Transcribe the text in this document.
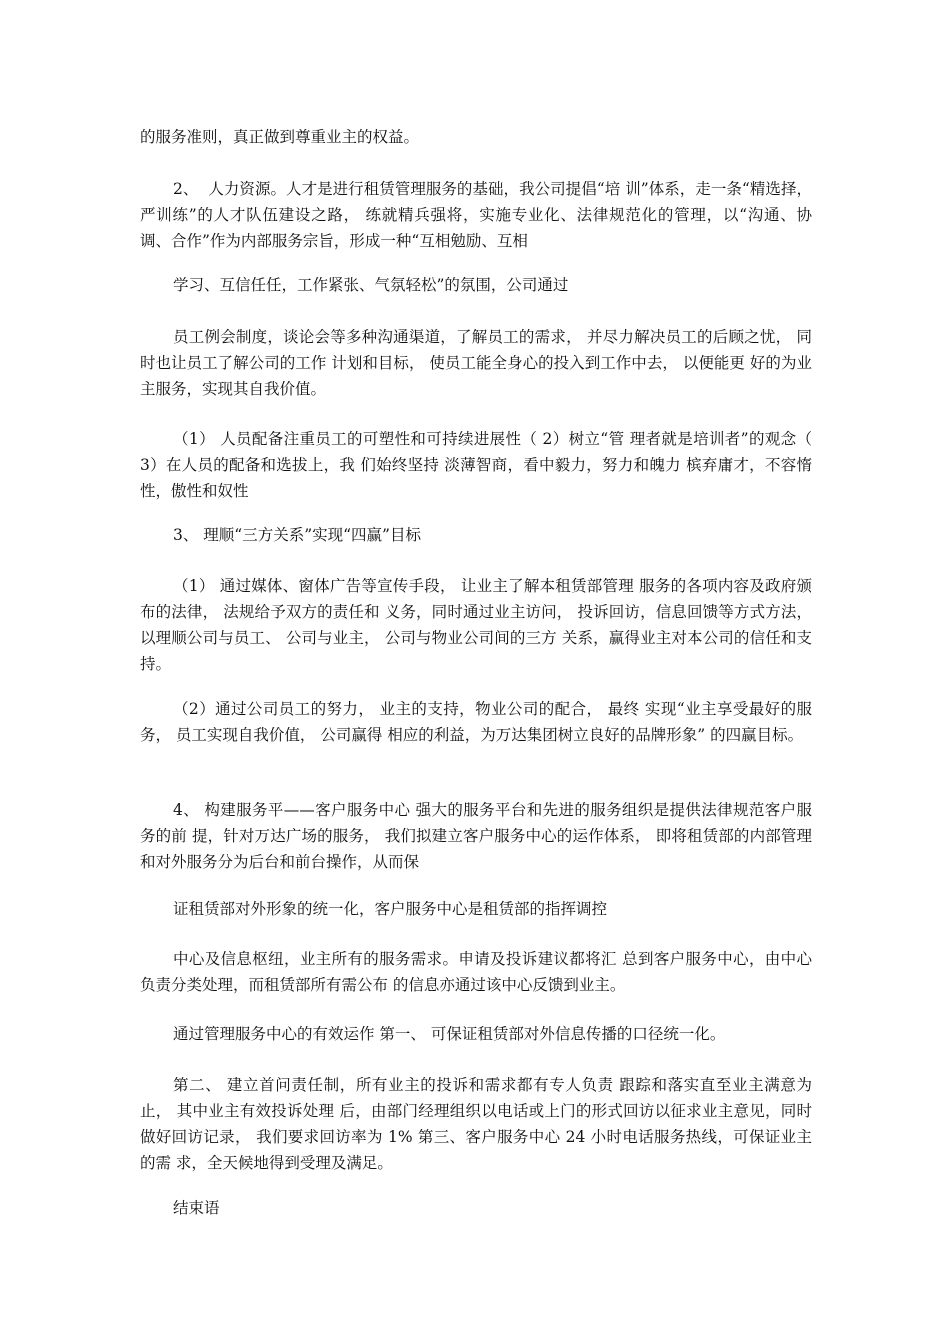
的服务准则，真正做到尊重业主的权益。

2、  人力资源。人才是进行租赁管理服务的基础，我公司提倡“培 训”体系，走一条“精选择，严训练”的人才队伍建设之路， 练就精兵强将，实施专业化、法律规范化的管理，以“沟通、协 调、合作”作为内部服务宗旨，形成一种“互相勉励、互相

学习、互信任任，工作紧张、气氛轻松”的氛围，公司通过

员工例会制度，谈论会等多种沟通渠道，了解员工的需求， 并尽力解决员工的后顾之忧， 同时也让员工了解公司的工作 计划和目标， 使员工能全身心的投入到工作中去， 以便能更 好的为业主服务，实现其自我价值。

（1） 人员配备注重员工的可塑性和可持续进展性（ 2）树立“管 理者就是培训者”的观念（ 3）在人员的配备和选拔上，我 们始终坚持 淡薄智商，看中毅力，努力和魄力 槟弃庸才，不容惰性，傲性和奴性

3、 理顺“三方关系”实现“四赢”目标

（1） 通过媒体、窗体广告等宣传手段， 让业主了解本租赁部管理 服务的各项内容及政府颁布的法律， 法规给予双方的责任和 义务，同时通过业主访问， 投诉回访，信息回馈等方式方法， 以理顺公司与员工、 公司与业主， 公司与物业公司间的三方 关系，赢得业主对本公司的信任和支持。

（2）通过公司员工的努力， 业主的支持，物业公司的配合， 最终 实现“业主享受最好的服务， 员工实现自我价值， 公司赢得 相应的利益，为万达集团树立良好的品牌形象” 的四赢目标。

4、 构建服务平——客户服务中心 强大的服务平台和先进的服务组织是提供法律规范客户服务的前 提，针对万达广场的服务， 我们拟建立客户服务中心的运作体系， 即将租赁部的内部管理和对外服务分为后台和前台操作，从而保

证租赁部对外形象的统一化，客户服务中心是租赁部的指挥调控

中心及信息枢纽，业主所有的服务需求。申请及投诉建议都将汇 总到客户服务中心，由中心负责分类处理，而租赁部所有需公布 的信息亦通过该中心反馈到业主。

通过管理服务中心的有效运作 第一、 可保证租赁部对外信息传播的口径统一化。

第二、 建立首问责任制，所有业主的投诉和需求都有专人负责 跟踪和落实直至业主满意为止， 其中业主有效投诉处理 后，由部门经理组织以电话或上门的形式回访以征求业主意见，同时做好回访记录， 我们要求回访率为 1% 第三、客户服务中心 24 小时电话服务热线，可保证业主的需 求，全天候地得到受理及满足。

结束语
